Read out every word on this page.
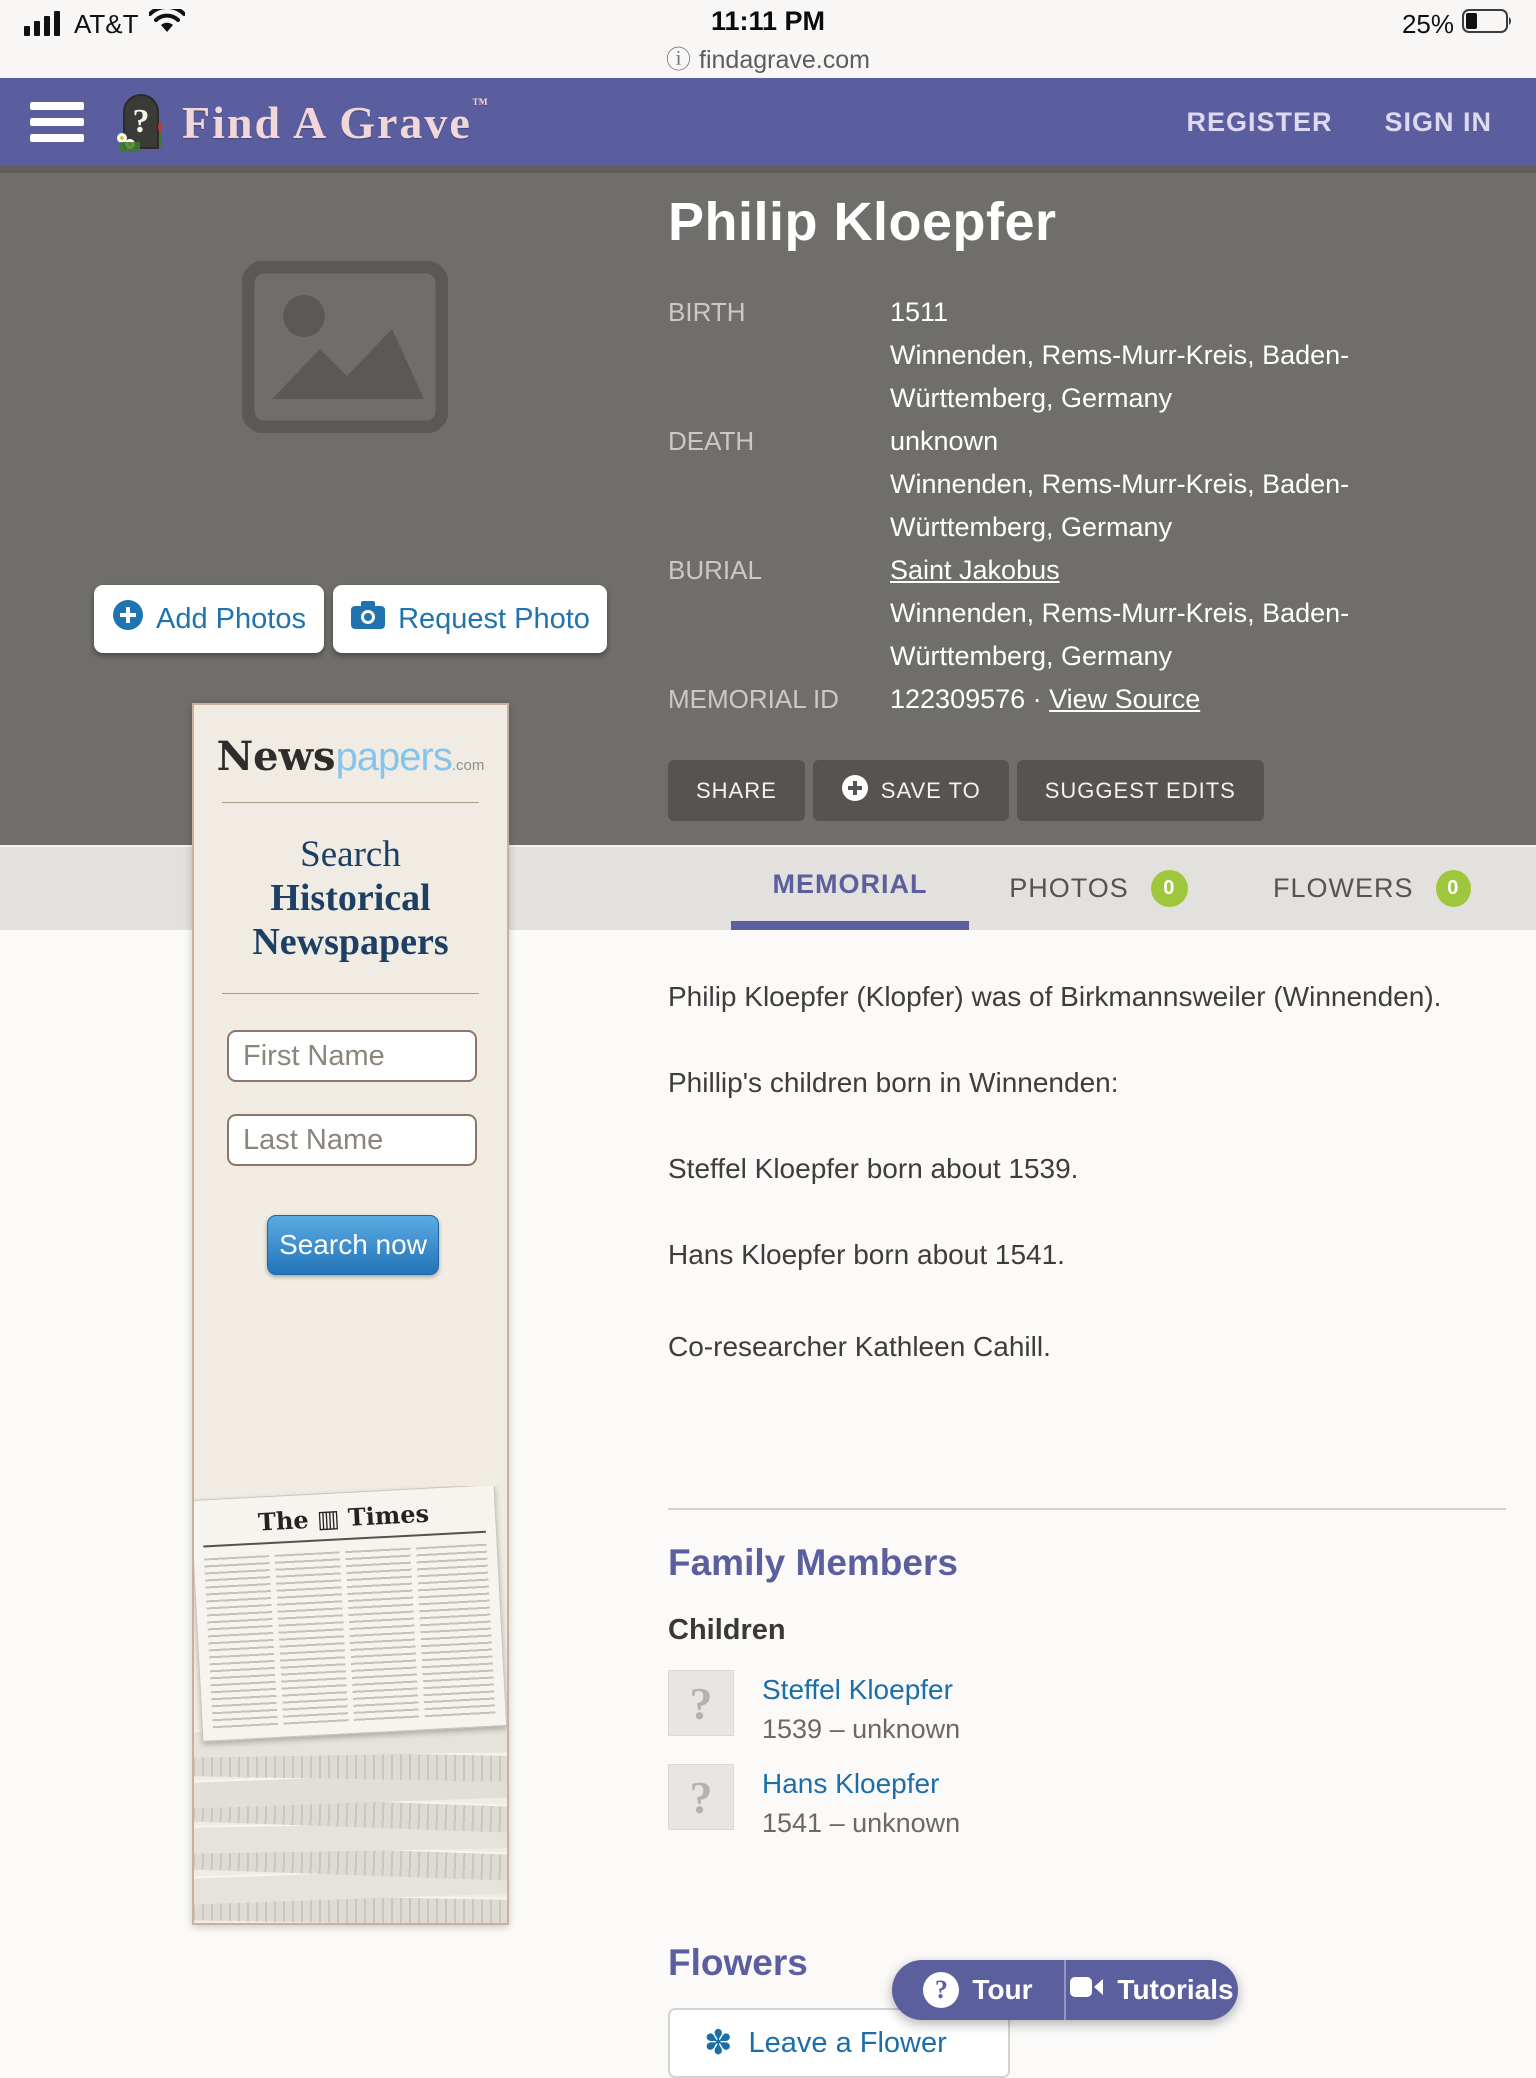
AT&T	11:11 PM	25%
ⓘ findagrave.com
? Find A Grave™
REGISTER SIGN IN
Add Photos	Request Photo
Philip Kloepfer
BIRTH	1511
Winnenden, Rems-Murr-Kreis, Baden-
Württemberg, Germany
DEATH	unknown
Winnenden, Rems-Murr-Kreis, Baden-
Württemberg, Germany
BURIAL	Saint Jakobus
Winnenden, Rems-Murr-Kreis, Baden-
Württemberg, Germany
MEMORIAL ID	122309576 · View Source
SHARE	SAVE TO	SUGGEST EDITS
MEMORIAL	PHOTOS	0	FLOWERS	0

Philip Kloepfer (Klopfer) was of Birkmannsweiler (Winnenden).

Phillip's children born in Winnenden:

Steffel Kloepfer born about 1539.

Hans Kloepfer born about 1541.

Co-researcher Kathleen Cahill.

Family Members
Children
?	Steffel Kloepfer
1539 – unknown
?	Hans Kloepfer
1541 – unknown
Flowers
✽ Leave a Flower
Newspapers.com
Search
Historical
Newspapers
First Name
Last Name
Search now
The ▥ Times
? Tour	Tutorials
